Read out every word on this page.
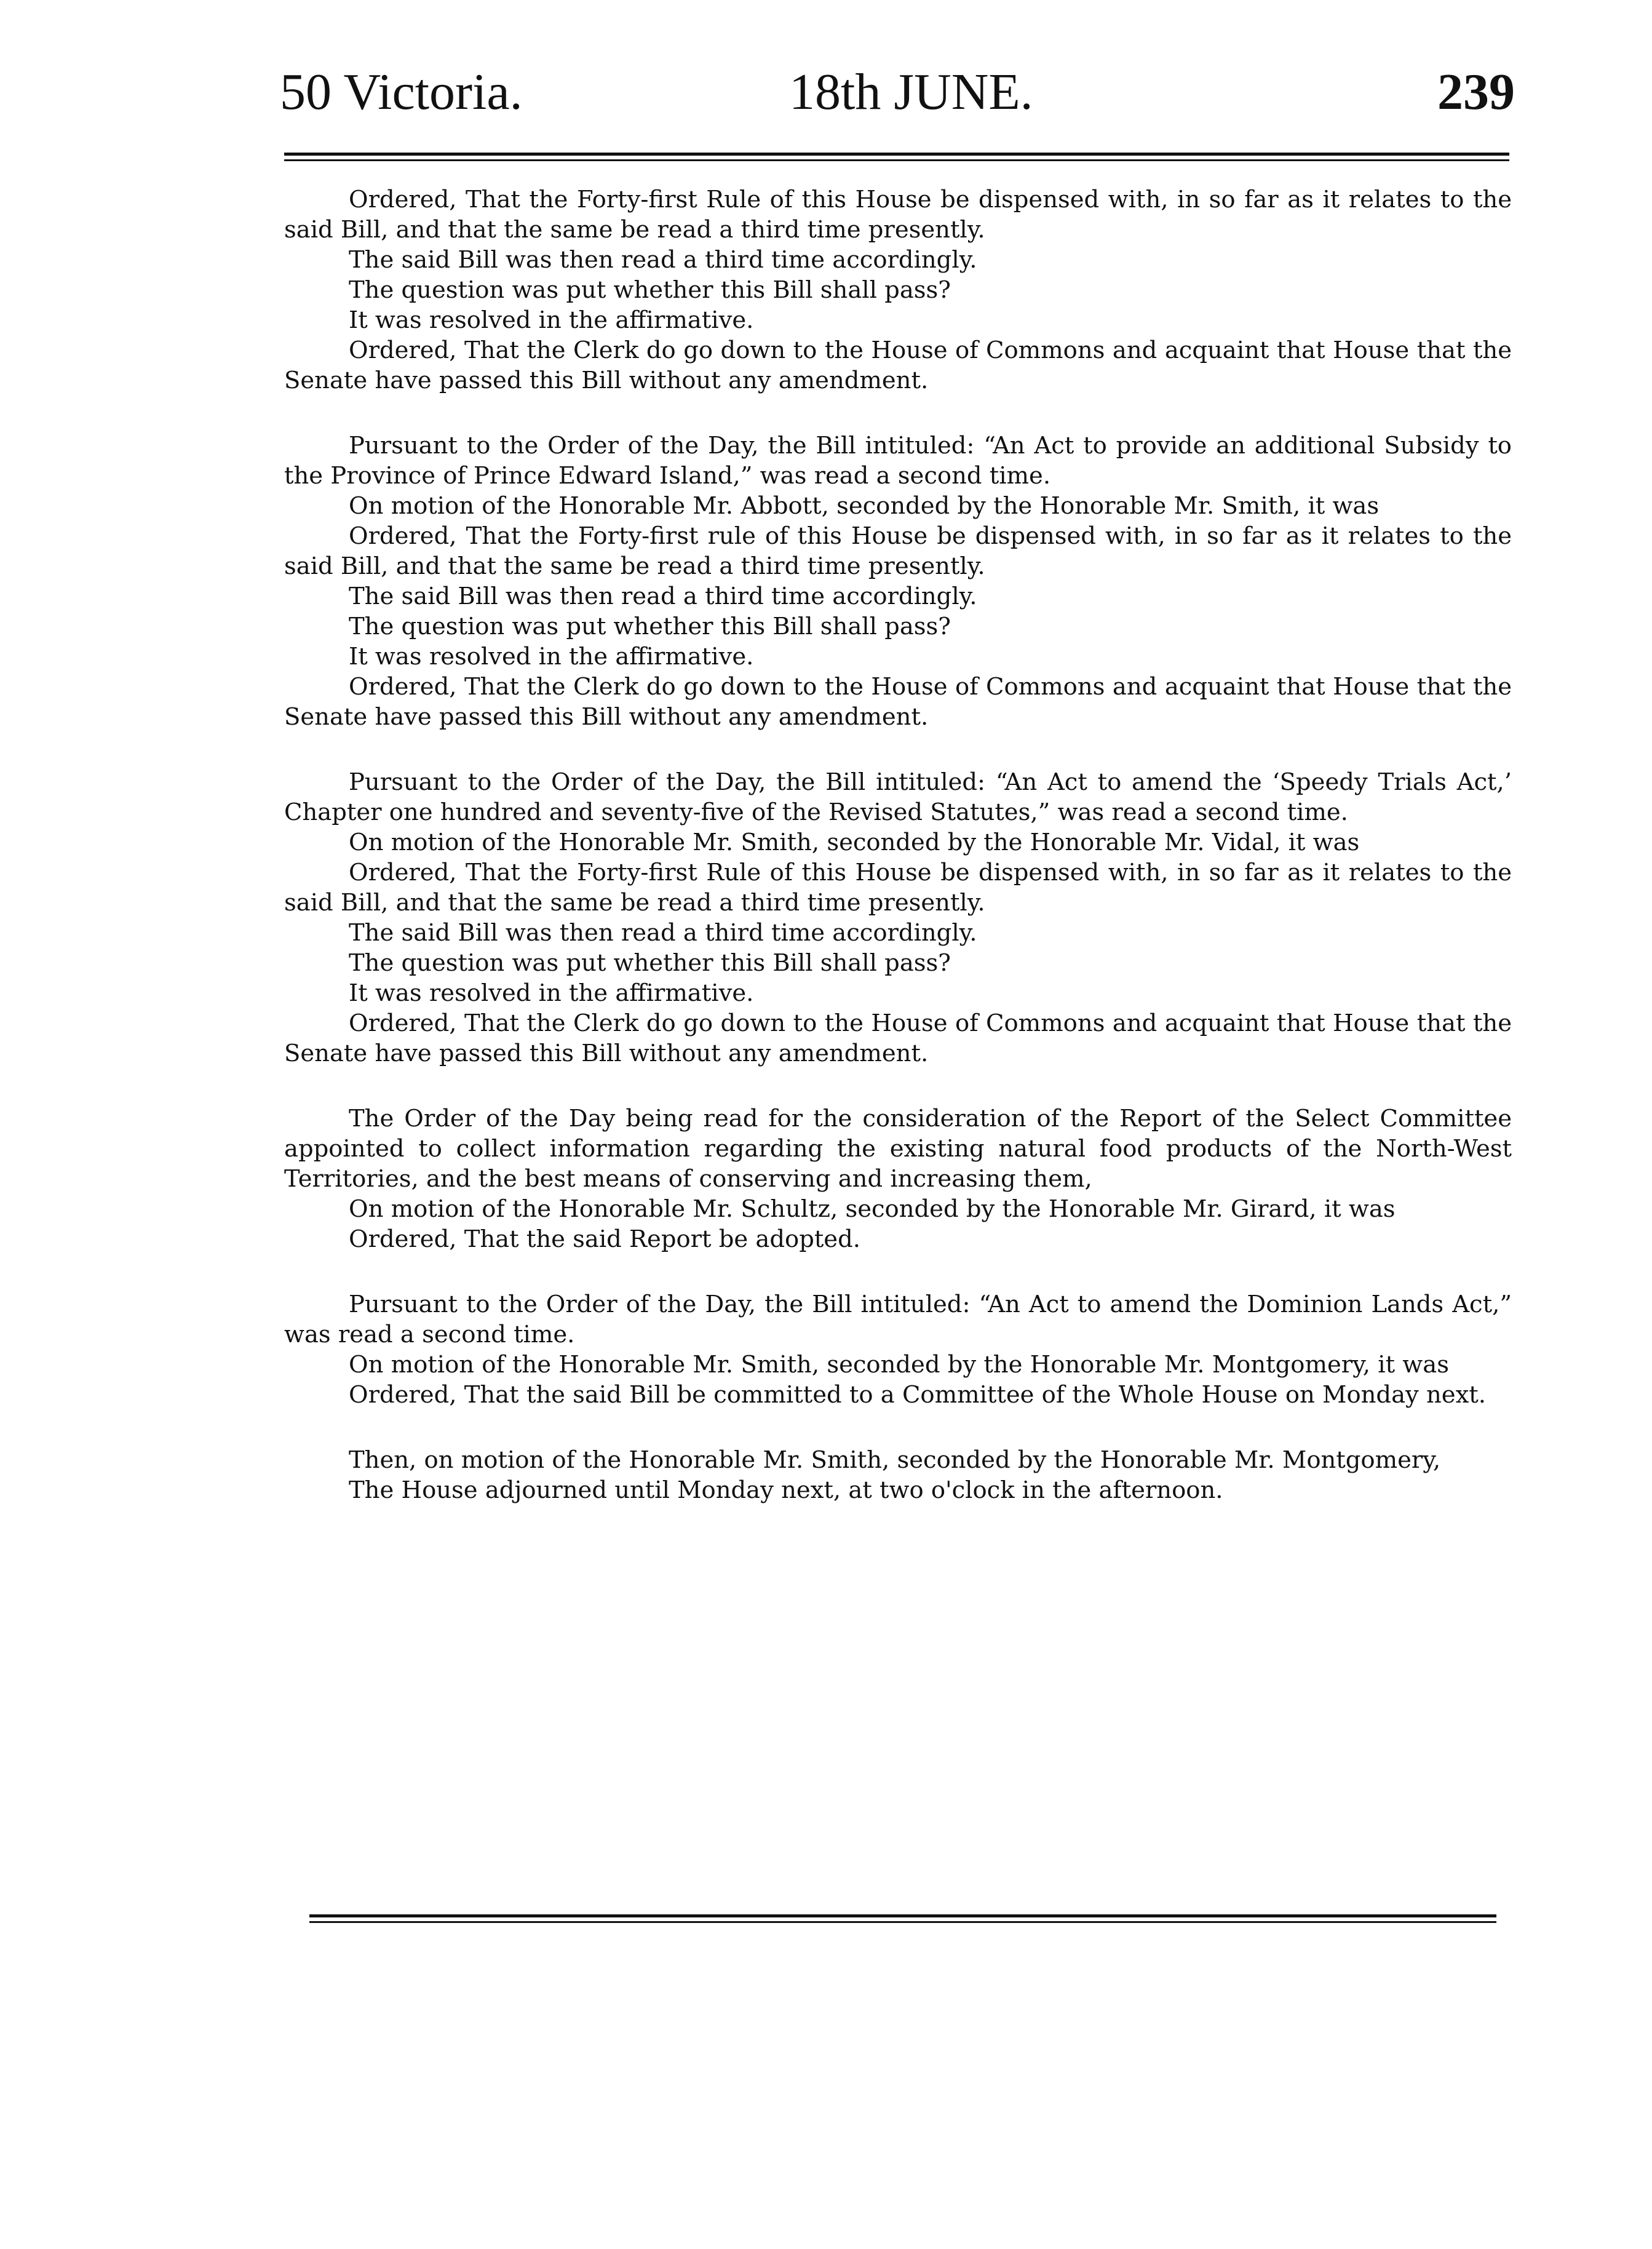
50 Victoria.	18th JUNE.	239

Ordered, That the Forty-first Rule of this House be dispensed with, in so far as it relates to the said Bill, and that the same be read a third time presently.

The said Bill was then read a third time accordingly.

The question was put whether this Bill shall pass?

It was resolved in the affirmative.

Ordered, That the Clerk do go down to the House of Commons and acquaint that House that the Senate have passed this Bill without any amendment.

Pursuant to the Order of the Day, the Bill intituled: “An Act to provide an additional Subsidy to the Province of Prince Edward Island,” was read a second time.

On motion of the Honorable Mr. Abbott, seconded by the Honorable Mr. Smith, it was

Ordered, That the Forty-first rule of this House be dispensed with, in so far as it relates to the said Bill, and that the same be read a third time presently.

The said Bill was then read a third time accordingly.

The question was put whether this Bill shall pass?

It was resolved in the affirmative.

Ordered, That the Clerk do go down to the House of Commons and acquaint that House that the Senate have passed this Bill without any amendment.

Pursuant to the Order of the Day, the Bill intituled: “An Act to amend the ‘Speedy Trials Act,’ Chapter one hundred and seventy-five of the Revised Statutes,” was read a second time.

On motion of the Honorable Mr. Smith, seconded by the Honorable Mr. Vidal, it was

Ordered, That the Forty-first Rule of this House be dispensed with, in so far as it relates to the said Bill, and that the same be read a third time presently.

The said Bill was then read a third time accordingly.

The question was put whether this Bill shall pass?

It was resolved in the affirmative.

Ordered, That the Clerk do go down to the House of Commons and acquaint that House that the Senate have passed this Bill without any amendment.

The Order of the Day being read for the consideration of the Report of the Select Committee appointed to collect information regarding the existing natural food products of the North-West Territories, and the best means of conserving and increasing them,

On motion of the Honorable Mr. Schultz, seconded by the Honorable Mr. Girard, it was

Ordered, That the said Report be adopted.

Pursuant to the Order of the Day, the Bill intituled: “An Act to amend the Dominion Lands Act,” was read a second time.

On motion of the Honorable Mr. Smith, seconded by the Honorable Mr. Montgomery, it was

Ordered, That the said Bill be committed to a Committee of the Whole House on Monday next.

Then, on motion of the Honorable Mr. Smith, seconded by the Honorable Mr. Montgomery,

The House adjourned until Monday next, at two o'clock in the afternoon.
